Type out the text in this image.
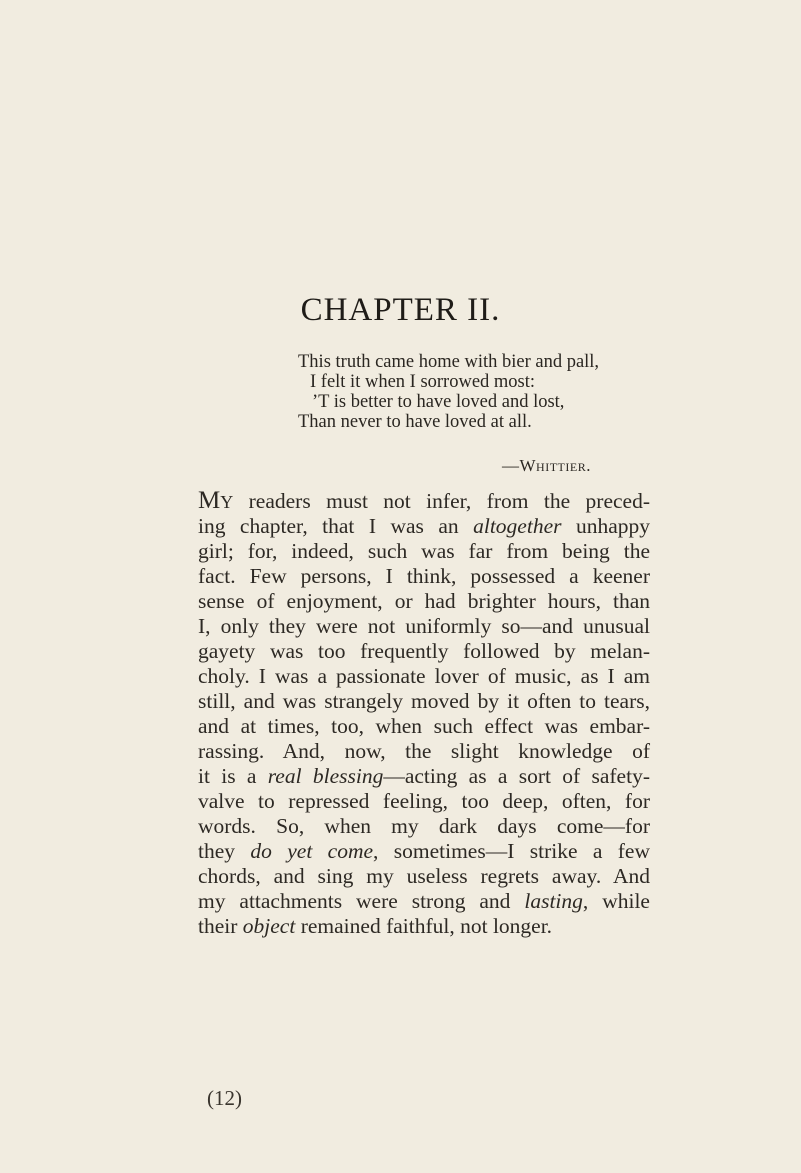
CHAPTER II.
This truth came home with bier and pall,
I felt it when I sorrowed most:
’T is better to have loved and lost,
Than never to have loved at all.
—Whittier.
My readers must not infer, from the preced-
ing chapter, that I was an altogether unhappy
girl; for, indeed, such was far from being the
fact. Few persons, I think, possessed a keener
sense of enjoyment, or had brighter hours, than
I, only they were not uniformly so—and unusual
gayety was too frequently followed by melan-
choly. I was a passionate lover of music, as I am
still, and was strangely moved by it often to tears,
and at times, too, when such effect was embar-
rassing. And, now, the slight knowledge of
it is a real blessing—acting as a sort of safety-
valve to repressed feeling, too deep, often, for
words. So, when my dark days come—for
they do yet come, sometimes—I strike a few
chords, and sing my useless regrets away. And
my attachments were strong and lasting, while
their object remained faithful, not longer.
(12)
